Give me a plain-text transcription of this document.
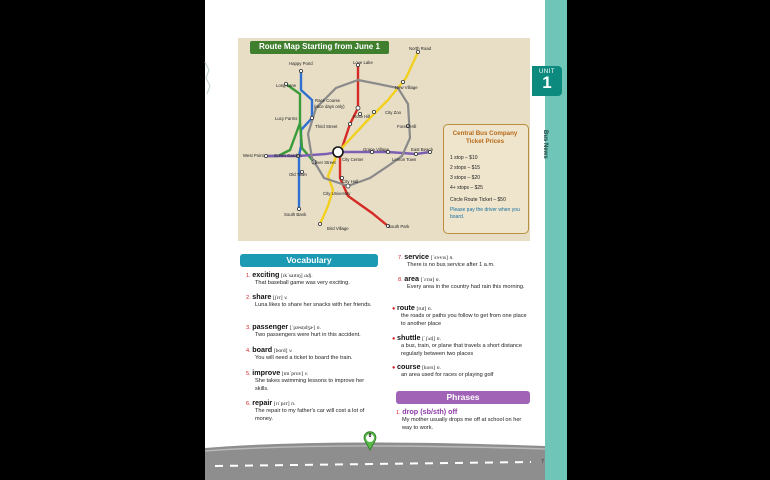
UNIT
1
Bus News
Route Map Starting from June 1	North Road
Love Lake
Happy Pond
Long Lane	New Village
Race Course
(race days only)
City Zoo
Lucy Farms	Rose Hill
Third Street	Forest Hill
West Point Green Garden
City Center
Grape Village	East Beach
Lemon Town
River Street
Old Town
City Hall
City University
South Bank
Bird Village	South Park
Central Bus Company Ticket Prices
1 stop – $10
2 stops – $15
3 stops – $20
4+ stops – $25
Circle Route Ticket – $50
Please pay the driver when you board.
Vocabulary
1. exciting [ɪkˈsaɪtɪŋ] adj.
That baseball game was very exciting.
2. share [ʃɛr] v.
Luna likes to share her snacks with her friends.
3. passenger [ˈpæsṇdʒɚ] n.
Two passengers were hurt in this accident.
4. board [bord] v.
You will need a ticket to board the train.
5. improve [ɪmˈpruv] v.
She takes swimming lessons to improve her skills.
6. repair [rɪˈpɛr] n.
The repair to my father's car will cost a lot of money.
7. service [ˈsɝvɪs] n.
There is no bus service after 1 a.m.
8. area [ˈɛrɪə] n.
Every area in the country had rain this morning.
● route [rut] n.
the roads or paths you follow to get from one place to another place
● shuttle [ˈʃʌtḷ] n.
a bus, train, or plane that travels a short distance regularly between two places
● course [kors] n.
an area used for races or playing golf
Phrases
1. drop (sb/sth) off
My mother usually drops me off at school on her way to work.
8
7
